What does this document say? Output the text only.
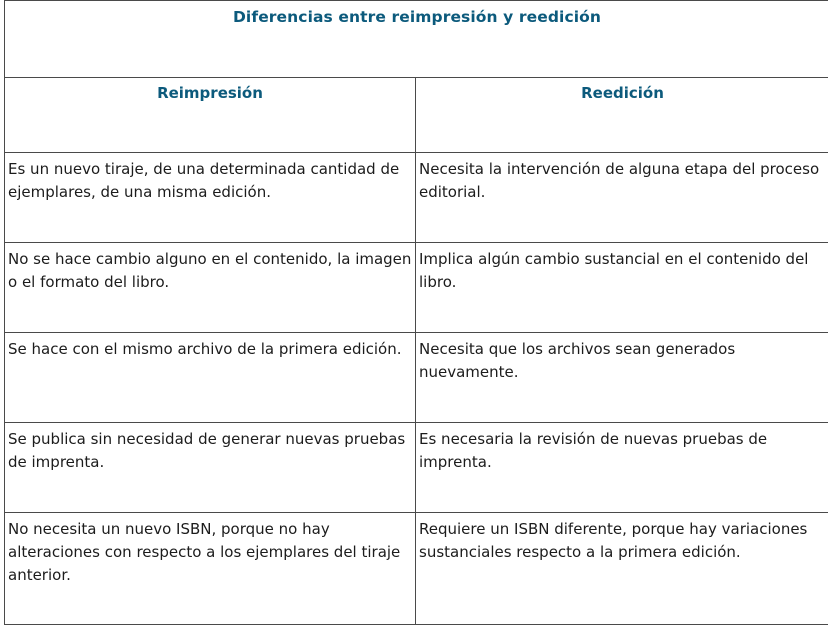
Diferencias entre reimpresión y reedición	

Reimpresión	Reedición

Es un nuevo tiraje, de una determinada cantidad de ejemplares, de una misma edición.	Necesita la intervención de alguna etapa del proceso editorial.

No se hace cambio alguno en el contenido, la imagen o el formato del libro.	Implica algún cambio sustancial en el contenido del libro.

Se hace con el mismo archivo de la primera edición.	Necesita que los archivos sean generados nuevamente.

Se publica sin necesidad de generar nuevas pruebas de imprenta.	Es necesaria la revisión de nuevas pruebas de imprenta.

No necesita un nuevo ISBN, porque no hay alteraciones con respecto a los ejemplares del tiraje anterior.	Requiere un ISBN diferente, porque hay variaciones sustanciales respecto a la primera edición.
